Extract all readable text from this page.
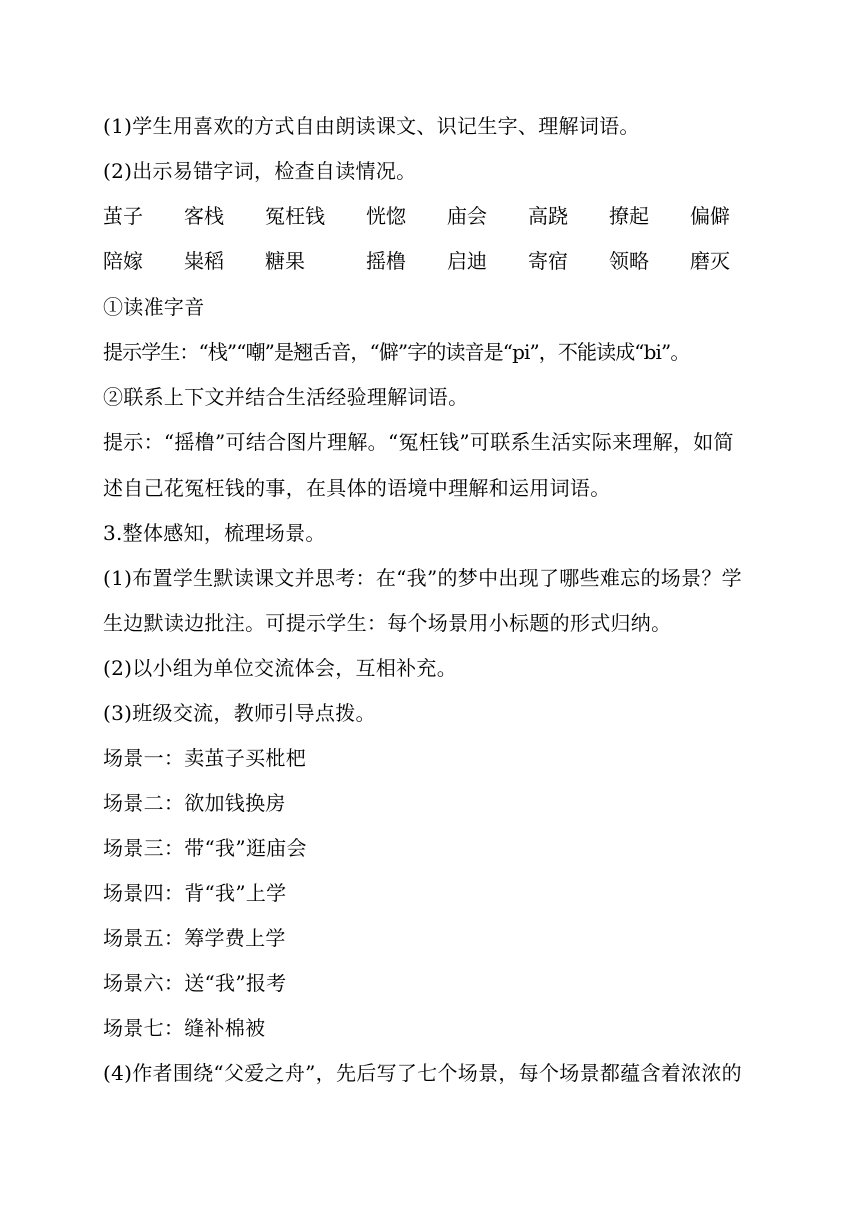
(1)学生用喜欢的方式自由朗读课文、识记生字、理解词语。
(2)出示易错字词，检查自读情况。
茧子 客栈 冤枉钱 恍惚 庙会 高跷 撩起 偏僻
陪嫁 粜稻 糖果	摇橹 启迪 寄宿 领略 磨灭
①读准字音
提示学生：“栈”“嘲”是翘舌音，“僻”字的读音是“pi”，不能读成“bi”。
②联系上下文并结合生活经验理解词语。
提示：“摇橹”可结合图片理解。“冤枉钱”可联系生活实际来理解，如简
述自己花冤枉钱的事，在具体的语境中理解和运用词语。
3.整体感知，梳理场景。
(1)布置学生默读课文并思考：在“我”的梦中出现了哪些难忘的场景？学
生边默读边批注。可提示学生：每个场景用小标题的形式归纳。
(2)以小组为单位交流体会，互相补充。
(3)班级交流，教师引导点拨。
场景一：卖茧子买枇杷
场景二：欲加钱换房
场景三：带“我”逛庙会
场景四：背“我”上学
场景五：筹学费上学
场景六：送“我”报考
场景七：缝补棉被
(4)作者围绕“父爱之舟”，先后写了七个场景，每个场景都蕴含着浓浓的
